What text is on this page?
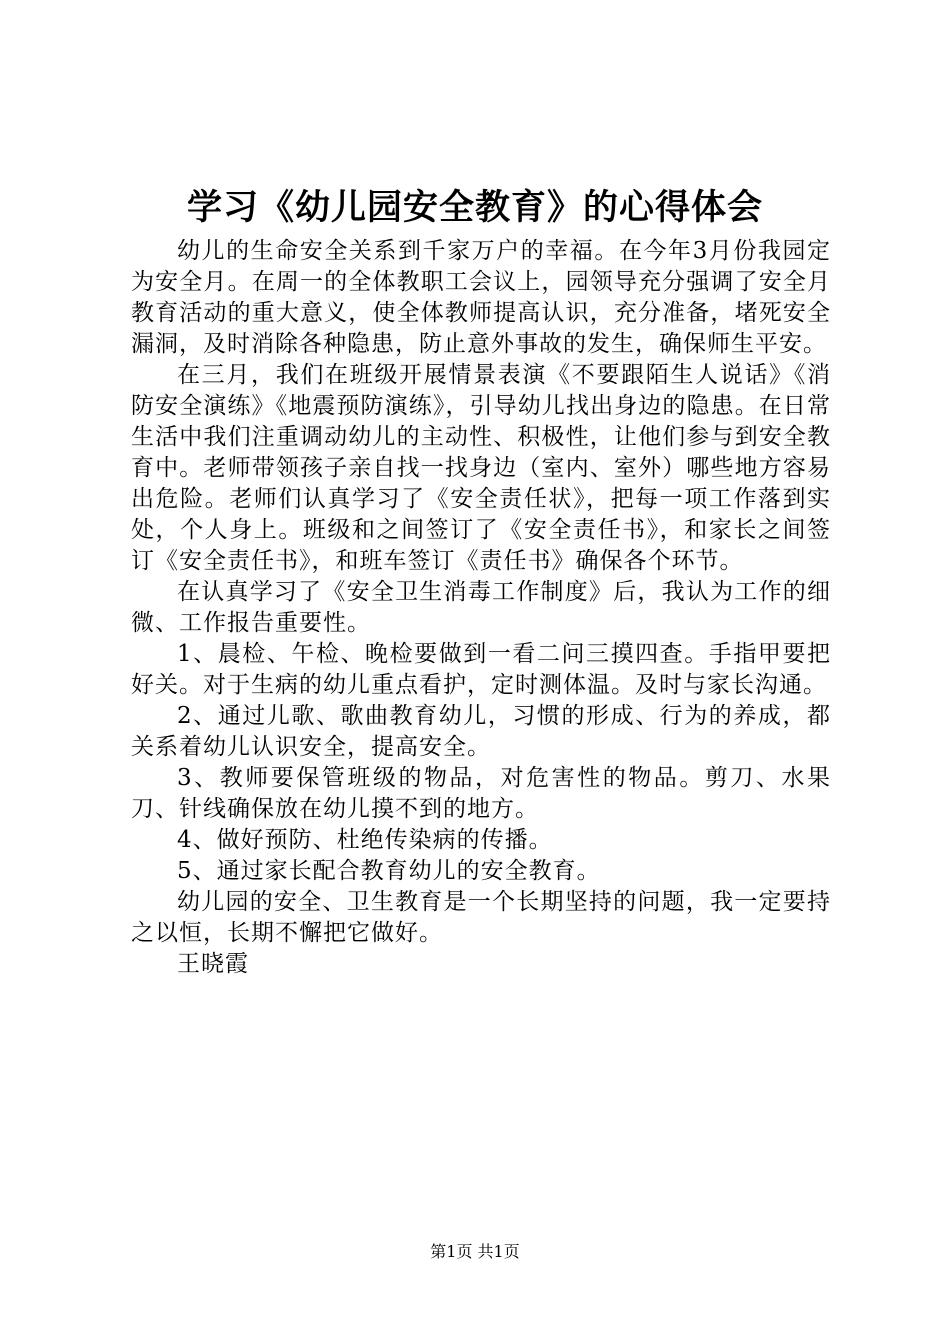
学习《幼儿园安全教育》的心得体会

幼儿的生命安全关系到千家万户的幸福。在今年3月份我园定为安全月。在周一的全体教职工会议上，园领导充分强调了安全月教育活动的重大意义，使全体教师提高认识，充分准备，堵死安全漏洞，及时消除各种隐患，防止意外事故的发生，确保师生平安。

在三月，我们在班级开展情景表演《不要跟陌生人说话》《消防安全演练》《地震预防演练》，引导幼儿找出身边的隐患。在日常生活中我们注重调动幼儿的主动性、积极性，让他们参与到安全教育中。老师带领孩子亲自找一找身边（室内、室外）哪些地方容易出危险。老师们认真学习了《安全责任状》，把每一项工作落到实处，个人身上。班级和之间签订了《安全责任书》，和家长之间签订《安全责任书》，和班车签订《责任书》确保各个环节。

在认真学习了《安全卫生消毒工作制度》后，我认为工作的细微、工作报告重要性。

1、晨检、午检、晚检要做到一看二问三摸四查。手指甲要把好关。对于生病的幼儿重点看护，定时测体温。及时与家长沟通。

2、通过儿歌、歌曲教育幼儿，习惯的形成、行为的养成，都关系着幼儿认识安全，提高安全。

3、教师要保管班级的物品，对危害性的物品。剪刀、水果刀、针线确保放在幼儿摸不到的地方。

4、做好预防、杜绝传染病的传播。

5、通过家长配合教育幼儿的安全教育。

幼儿园的安全、卫生教育是一个长期坚持的问题，我一定要持之以恒，长期不懈把它做好。

王晓霞

第1页 共1页
